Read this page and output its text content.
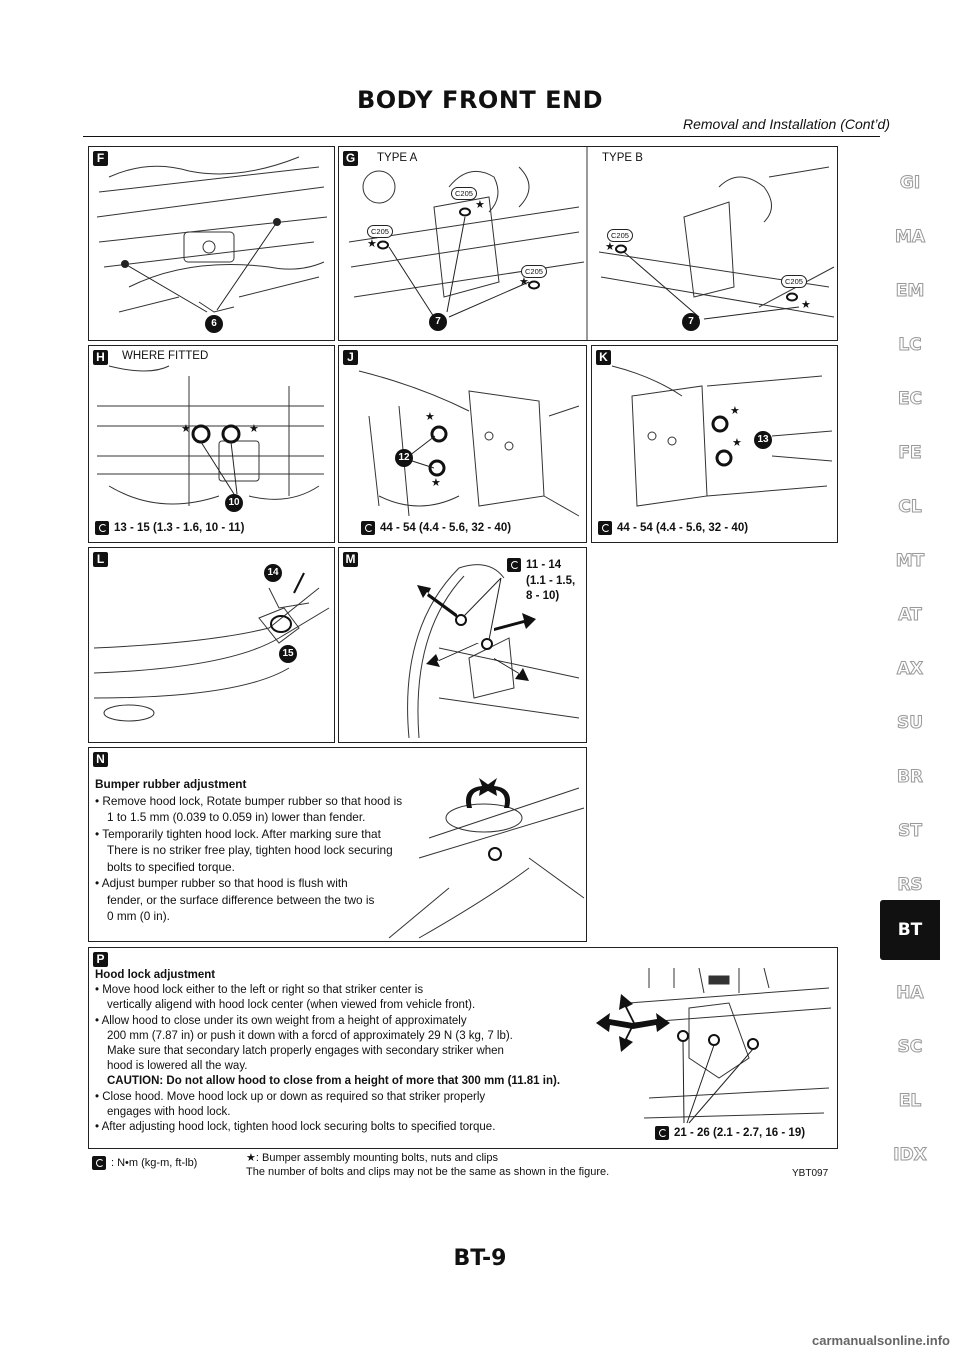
BODY FRONT END
Removal and Installation (Cont’d)
F
6
G TYPE A	TYPE B
C205
C205
C205
C205
C205
★
★
★
★
★
7	7
H WHERE FITTED
★	★
10
13 - 15 (1.3 - 1.6, 10 - 11)
J
★
★
12
44 - 54 (4.4 - 5.6, 32 - 40)
K
★
★	13
44 - 54 (4.4 - 5.6, 32 - 40)
L
14
15
M	11 - 14
(1.1 - 1.5,
8 - 10)
N
Bumper rubber adjustment
• Remove hood lock, Rotate bumper rubber so that hood is
1 to 1.5 mm (0.039 to 0.059 in) lower than fender.
• Temporarily tighten hood lock. After marking sure that
There is no striker free play, tighten hood lock securing
bolts to specified torque.
• Adjust bumper rubber so that hood is flush with
fender, or the surface difference between the two is
0 mm (0 in).
P
Hood lock adjustment
• Move hood lock either to the left or right so that striker center is
vertically aligend with hood lock center (when viewed from vehicle front).
• Allow hood to close under its own weight from a height of approximately
200 mm (7.87 in) or push it down with a forcd of approximately 29 N (3 kg, 7 lb).
Make sure that secondary latch properly engages with secondary striker when
hood is lowered all the way.
CAUTION: Do not allow hood to close from a height of more that 300 mm (11.81 in).
• Close hood. Move hood lock up or down as required so that striker properly
engages with hood lock.
• After adjusting hood lock, tighten hood lock securing bolts to specified torque.	21 - 26 (2.1 - 2.7, 16 - 19)
: N•m (kg-m, ft-lb)	★: Bumper assembly mounting bolts, nuts and clips
The number of bolts and clips may not be the same as shown in the figure.	YBT097
GI
MA
EM
LC
EC
FE
CL
MT
AT
AX
SU
BR
ST
RS
BT
HA
SC
EL
IDX
BT-9
carmanualsonline.info
